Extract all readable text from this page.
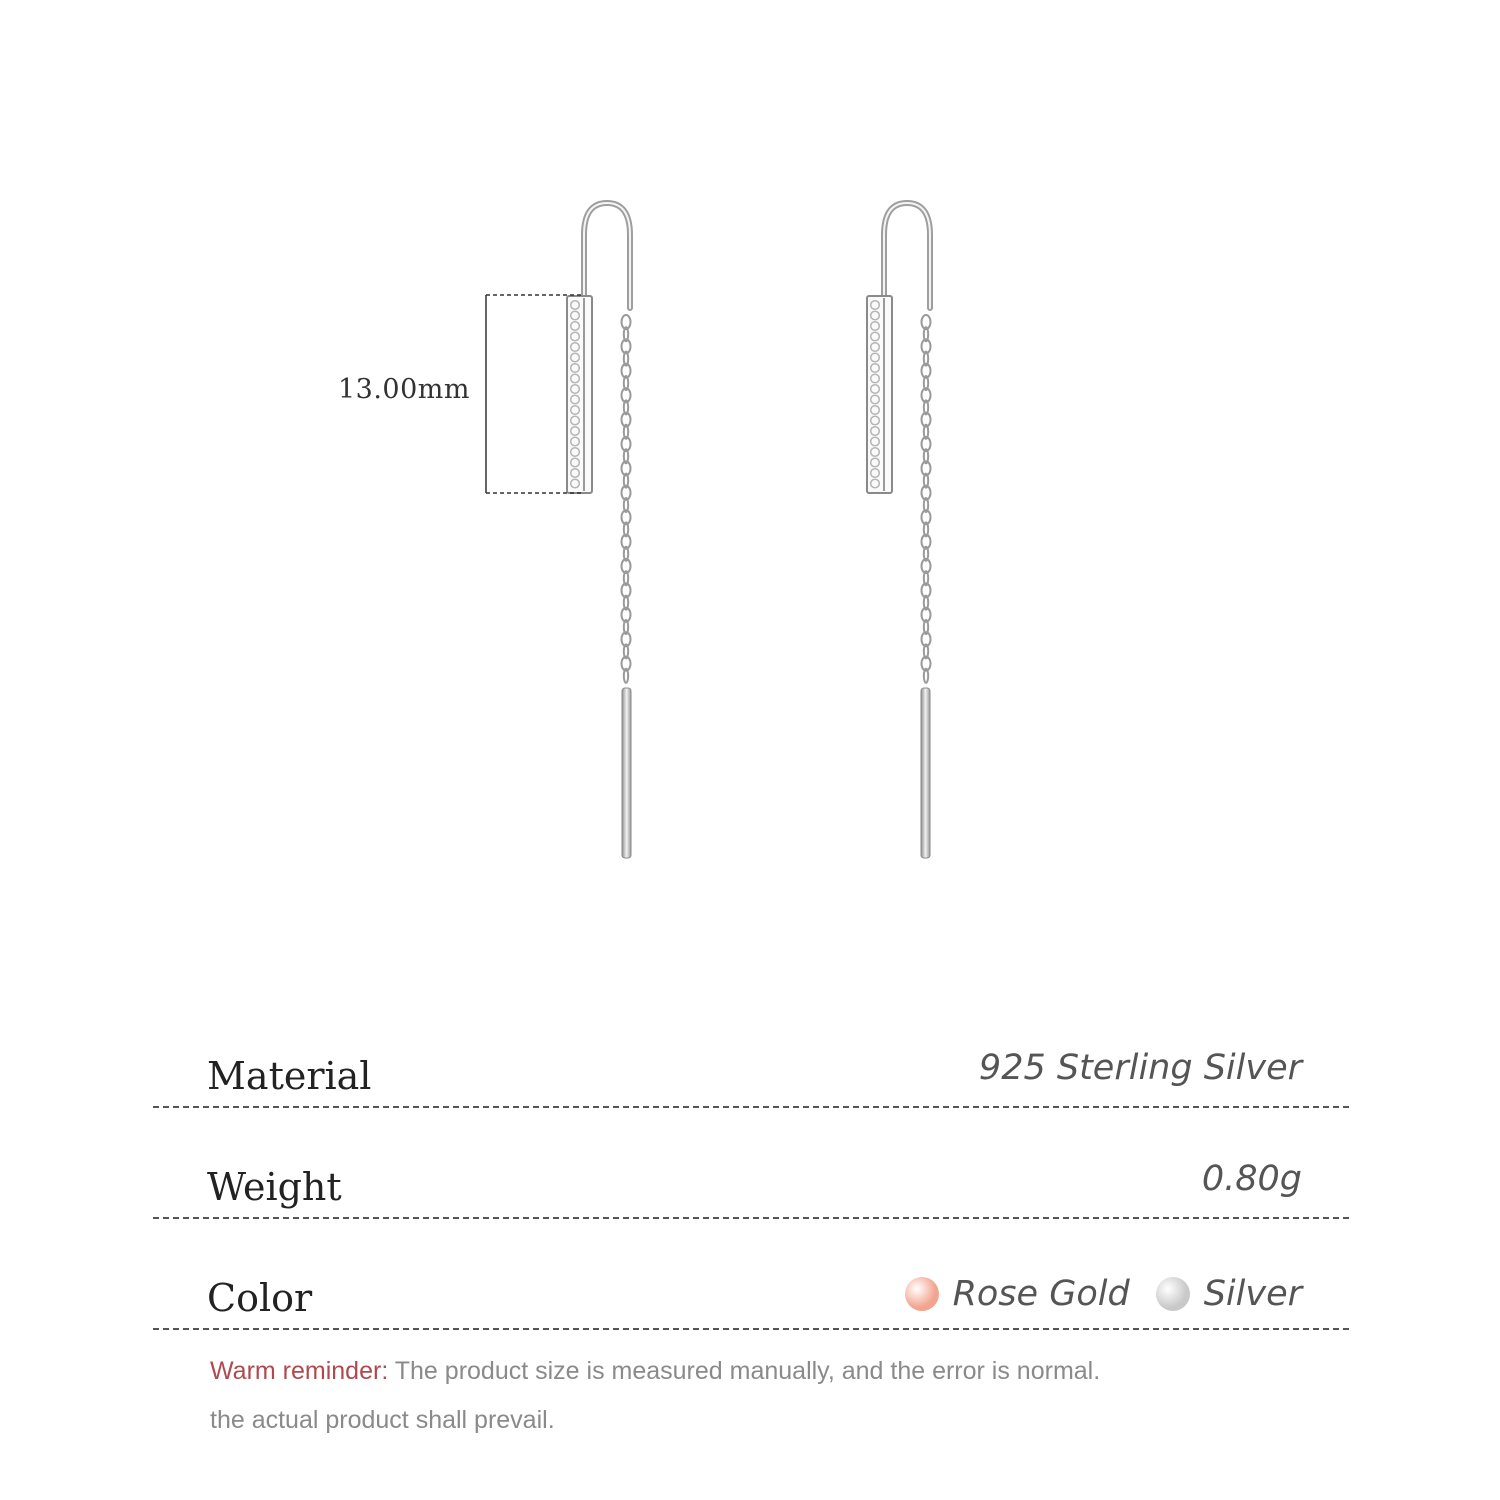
13.00mm
Material	925 Sterling Silver
Weight	0.80g
Color	Rose Gold Silver
Warm reminder: The product size is measured manually, and the error is normal.
the actual product shall prevail.
